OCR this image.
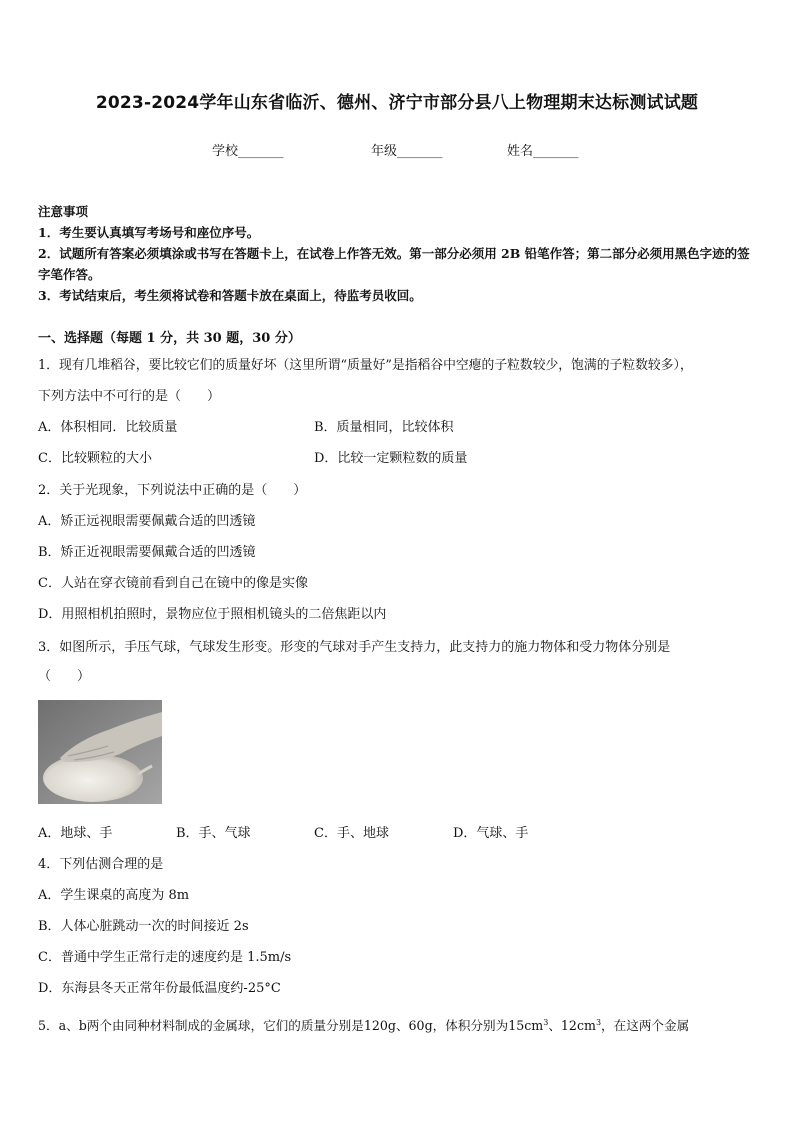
2023-2024学年山东省临沂、德州、济宁市部分县八上物理期末达标测试试题
学校_______	年级_______	姓名_______
注意事项
1．考生要认真填写考场号和座位序号。
2．试题所有答案必须填涂或书写在答题卡上，在试卷上作答无效。第一部分必须用 2B 铅笔作答；第二部分必须用黑色字迹的签字笔作答。
3．考试结束后，考生须将试卷和答题卡放在桌面上，待监考员收回。
一、选择题（每题 1 分，共 30 题，30 分）
1．现有几堆稻谷，要比较它们的质量好坏（这里所谓“质量好”是指稻谷中空瘪的子粒数较少，饱满的子粒数较多），
下列方法中不可行的是（　　）
A．体积相同．比较质量	B．质量相同，比较体积
C．比较颗粒的大小	D．比较一定颗粒数的质量
2．关于光现象，下列说法中正确的是（　　）
A．矫正远视眼需要佩戴合适的凹透镜
B．矫正近视眼需要佩戴合适的凹透镜
C．人站在穿衣镜前看到自己在镜中的像是实像
D．用照相机拍照时，景物应位于照相机镜头的二倍焦距以内
3．如图所示，手压气球，气球发生形变。形变的气球对手产生支持力，此支持力的施力物体和受力物体分别是
（　　）
A．地球、手	B．手、气球	C．手、地球	D．气球、手
4．下列估测合理的是
A．学生课桌的高度为 8m
B．人体心脏跳动一次的时间接近 2s
C．普通中学生正常行走的速度约是 1.5m/s
D．东海县冬天正常年份最低温度约-25°C
5．a、b两个由同种材料制成的金属球，它们的质量分别是120g、60g，体积分别为$15cm^3$、$12cm^3$，在这两个金属
